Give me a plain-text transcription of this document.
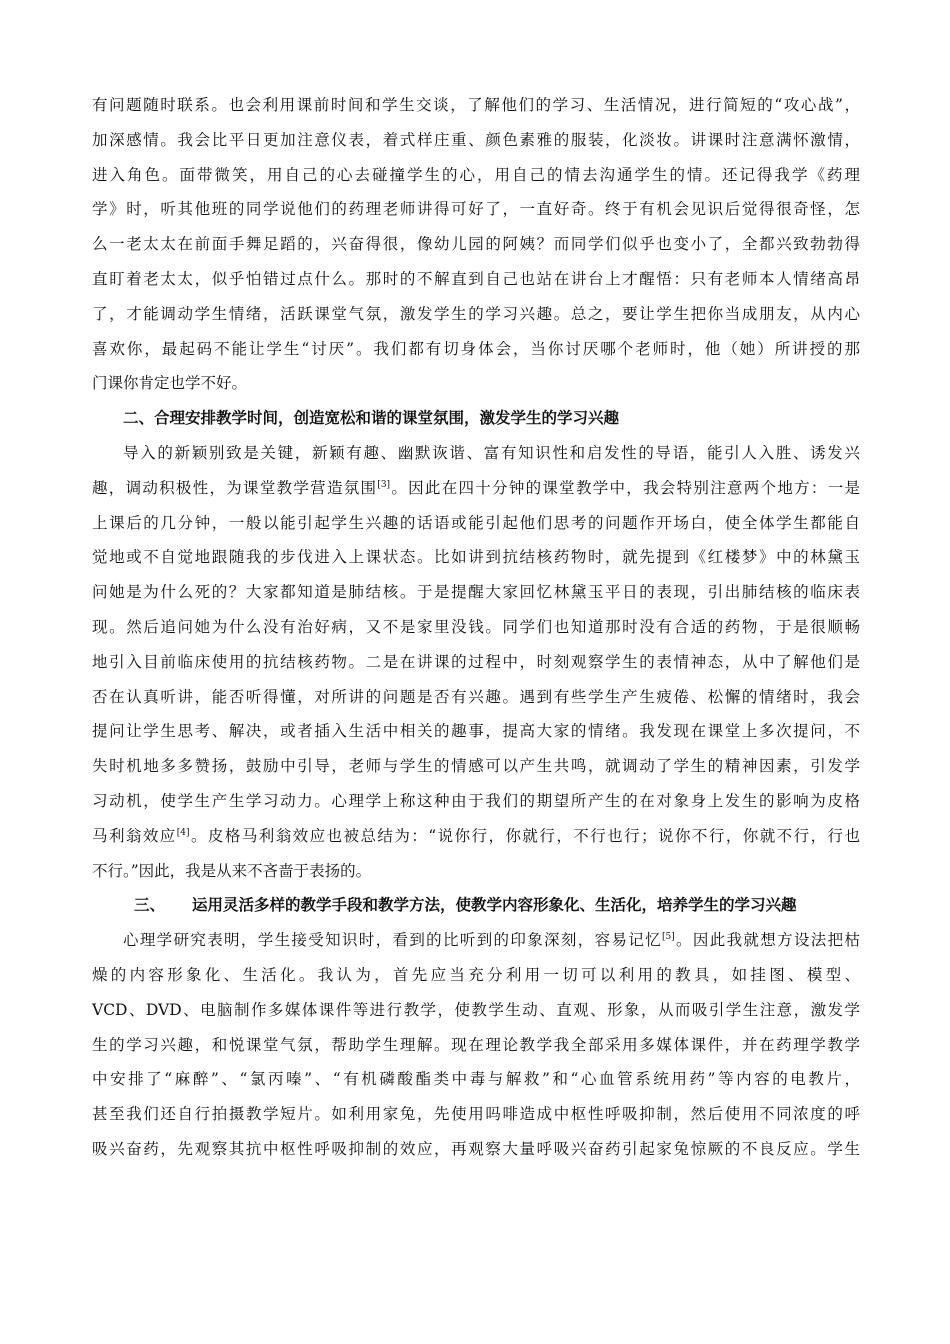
有问题随时联系。也会利用课前时间和学生交谈，了解他们的学习、生活情况，进行简短的“攻心战”，
加深感情。我会比平日更加注意仪表，着式样庄重、颜色素雅的服装，化淡妆。讲课时注意满怀激情，
进入角色。面带微笑，用自己的心去碰撞学生的心，用自己的情去沟通学生的情。还记得我学《药理
学》时，听其他班的同学说他们的药理老师讲得可好了，一直好奇。终于有机会见识后觉得很奇怪，怎
么一老太太在前面手舞足蹈的，兴奋得很，像幼儿园的阿姨？而同学们似乎也变小了，全都兴致勃勃得
直盯着老太太，似乎怕错过点什么。那时的不解直到自己也站在讲台上才醒悟：只有老师本人情绪高昂
了，才能调动学生情绪，活跃课堂气氛，激发学生的学习兴趣。总之，要让学生把你当成朋友，从内心
喜欢你，最起码不能让学生“讨厌”。我们都有切身体会，当你讨厌哪个老师时，他（她）所讲授的那
门课你肯定也学不好。
二、合理安排教学时间，创造宽松和谐的课堂氛围，激发学生的学习兴趣
导入的新颖别致是关键，新颖有趣、幽默诙谐、富有知识性和启发性的导语，能引人入胜、诱发兴
趣，调动积极性，为课堂教学营造氛围[3]。因此在四十分钟的课堂教学中，我会特别注意两个地方：一是
上课后的几分钟，一般以能引起学生兴趣的话语或能引起他们思考的问题作开场白，使全体学生都能自
觉地或不自觉地跟随我的步伐进入上课状态。比如讲到抗结核药物时，就先提到《红楼梦》中的林黛玉
问她是为什么死的？大家都知道是肺结核。于是提醒大家回忆林黛玉平日的表现，引出肺结核的临床表
现。然后追问她为什么没有治好病，又不是家里没钱。同学们也知道那时没有合适的药物，于是很顺畅
地引入目前临床使用的抗结核药物。二是在讲课的过程中，时刻观察学生的表情神态，从中了解他们是
否在认真听讲，能否听得懂，对所讲的问题是否有兴趣。遇到有些学生产生疲倦、松懈的情绪时，我会
提问让学生思考、解决，或者插入生活中相关的趣事，提高大家的情绪。我发现在课堂上多次提问，不
失时机地多多赞扬，鼓励中引导，老师与学生的情感可以产生共鸣，就调动了学生的精神因素，引发学
习动机，使学生产生学习动力。心理学上称这种由于我们的期望所产生的在对象身上发生的影响为皮格
马利翁效应[4]。皮格马利翁效应也被总结为：“说你行，你就行，不行也行；说你不行，你就不行，行也
不行。”因此，我是从来不吝啬于表扬的。
三、	运用灵活多样的教学手段和教学方法，使教学内容形象化、生活化，培养学生的学习兴趣
心理学研究表明，学生接受知识时，看到的比听到的印象深刻，容易记忆[5]。因此我就想方设法把枯
燥的内容形象化、生活化。我认为，首先应当充分利用一切可以利用的教具，如挂图、模型、
VCD、DVD、电脑制作多媒体课件等进行教学，使教学生动、直观、形象，从而吸引学生注意，激发学
生的学习兴趣，和悦课堂气氛，帮助学生理解。现在理论教学我全部采用多媒体课件，并在药理学教学
中安排了“麻醉”、“氯丙嗪”、“有机磷酸酯类中毒与解救”和“心血管系统用药”等内容的电教片，
甚至我们还自行拍摄教学短片。如利用家兔，先使用吗啡造成中枢性呼吸抑制，然后使用不同浓度的呼
吸兴奋药，先观察其抗中枢性呼吸抑制的效应，再观察大量呼吸兴奋药引起家兔惊厥的不良反应。学生
